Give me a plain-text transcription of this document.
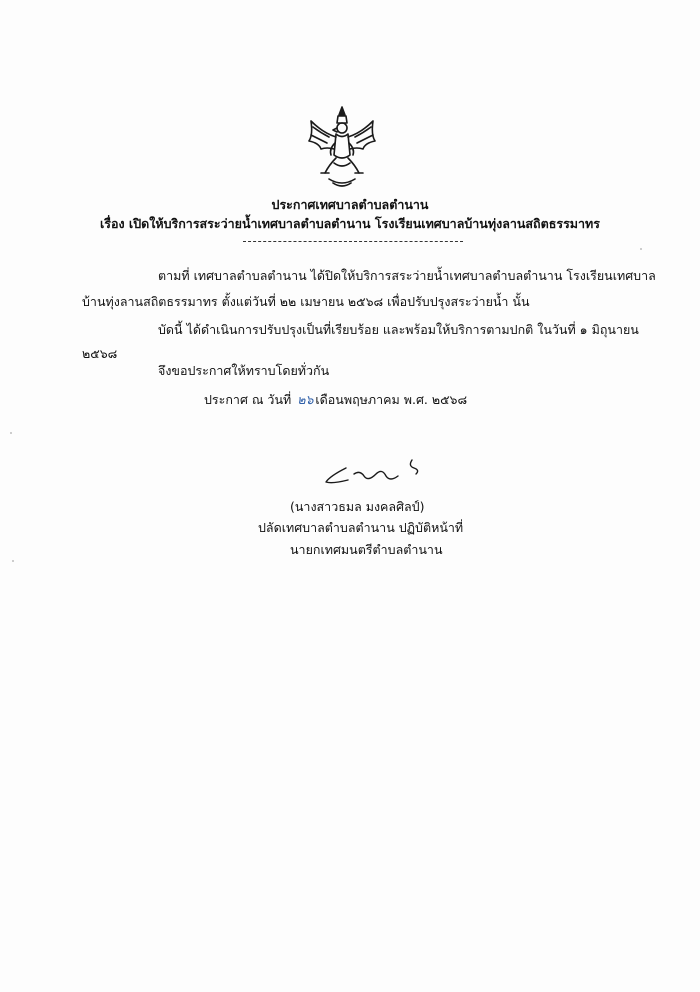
ประกาศเทศบาลตำบลตำนาน
เรื่อง เปิดให้บริการสระว่ายน้ำเทศบาลตำบลตำนาน โรงเรียนเทศบาลบ้านทุ่งลานสถิตธรรมาทร
ตามที่ เทศบาลตำบลตำนาน ได้ปิดให้บริการสระว่ายน้ำเทศบาลตำบลตำนาน โรงเรียนเทศบาล
บ้านทุ่งลานสถิตธรรมาทร ตั้งแต่วันที่ ๒๒ เมษายน ๒๕๖๘ เพื่อปรับปรุงสระว่ายน้ำ นั้น
บัดนี้ ได้ดำเนินการปรับปรุงเป็นที่เรียบร้อย และพร้อมให้บริการตามปกติ ในวันที่ ๑ มิถุนายน
๒๕๖๘
จึงขอประกาศให้ทราบโดยทั่วกัน
ประกาศ ณ วันที่ ๒๖ เดือนพฤษภาคม พ.ศ. ๒๕๖๘
(นางสาวธมล มงคลศิลป์)
ปลัดเทศบาลตำบลตำนาน ปฏิบัติหน้าที่
นายกเทศมนตรีตำบลตำนาน
